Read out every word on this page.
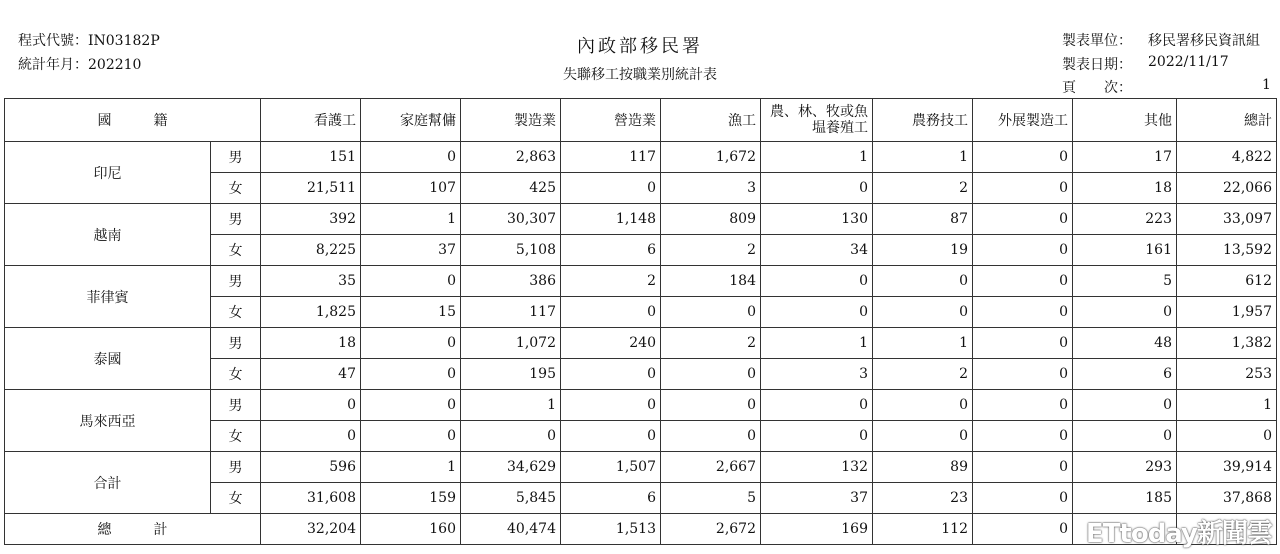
程式代號：IN03182P
統計年月：202210
內政部移民署
失聯移工按職業別統計表
製表單位： 移民署移民資訊組
製表日期： 2022/11/17
頁　　次：	1
國　　　籍		看護工	家庭幫傭	製造業	營造業	漁工	農、林、牧或魚塭養殖工	農務技工	外展製造工	其他	總計
印尼	男	151	0	2,863	117	1,672	1	1	0	17	4,822
	女	21,511	107	425	0	3	0	2	0	18	22,066
越南	男	392	1	30,307	1,148	809	130	87	0	223	33,097
	女	8,225	37	5,108	6	2	34	19	0	161	13,592
菲律賓	男	35	0	386	2	184	0	0	0	5	612
	女	1,825	15	117	0	0	0	0	0	0	1,957
泰國	男	18	0	1,072	240	2	1	1	0	48	1,382
	女	47	0	195	0	0	3	2	0	6	253
馬來西亞	男	0	0	1	0	0	0	0	0	0	1
	女	0	0	0	0	0	0	0	0	0	0
合計	男	596	1	34,629	1,507	2,667	132	89	0	293	39,914
	女	31,608	159	5,845	6	5	37	23	0	185	37,868
總　　　計		32,204	160	40,474	1,513	2,672	169	112	0		ETtoday新聞雲
